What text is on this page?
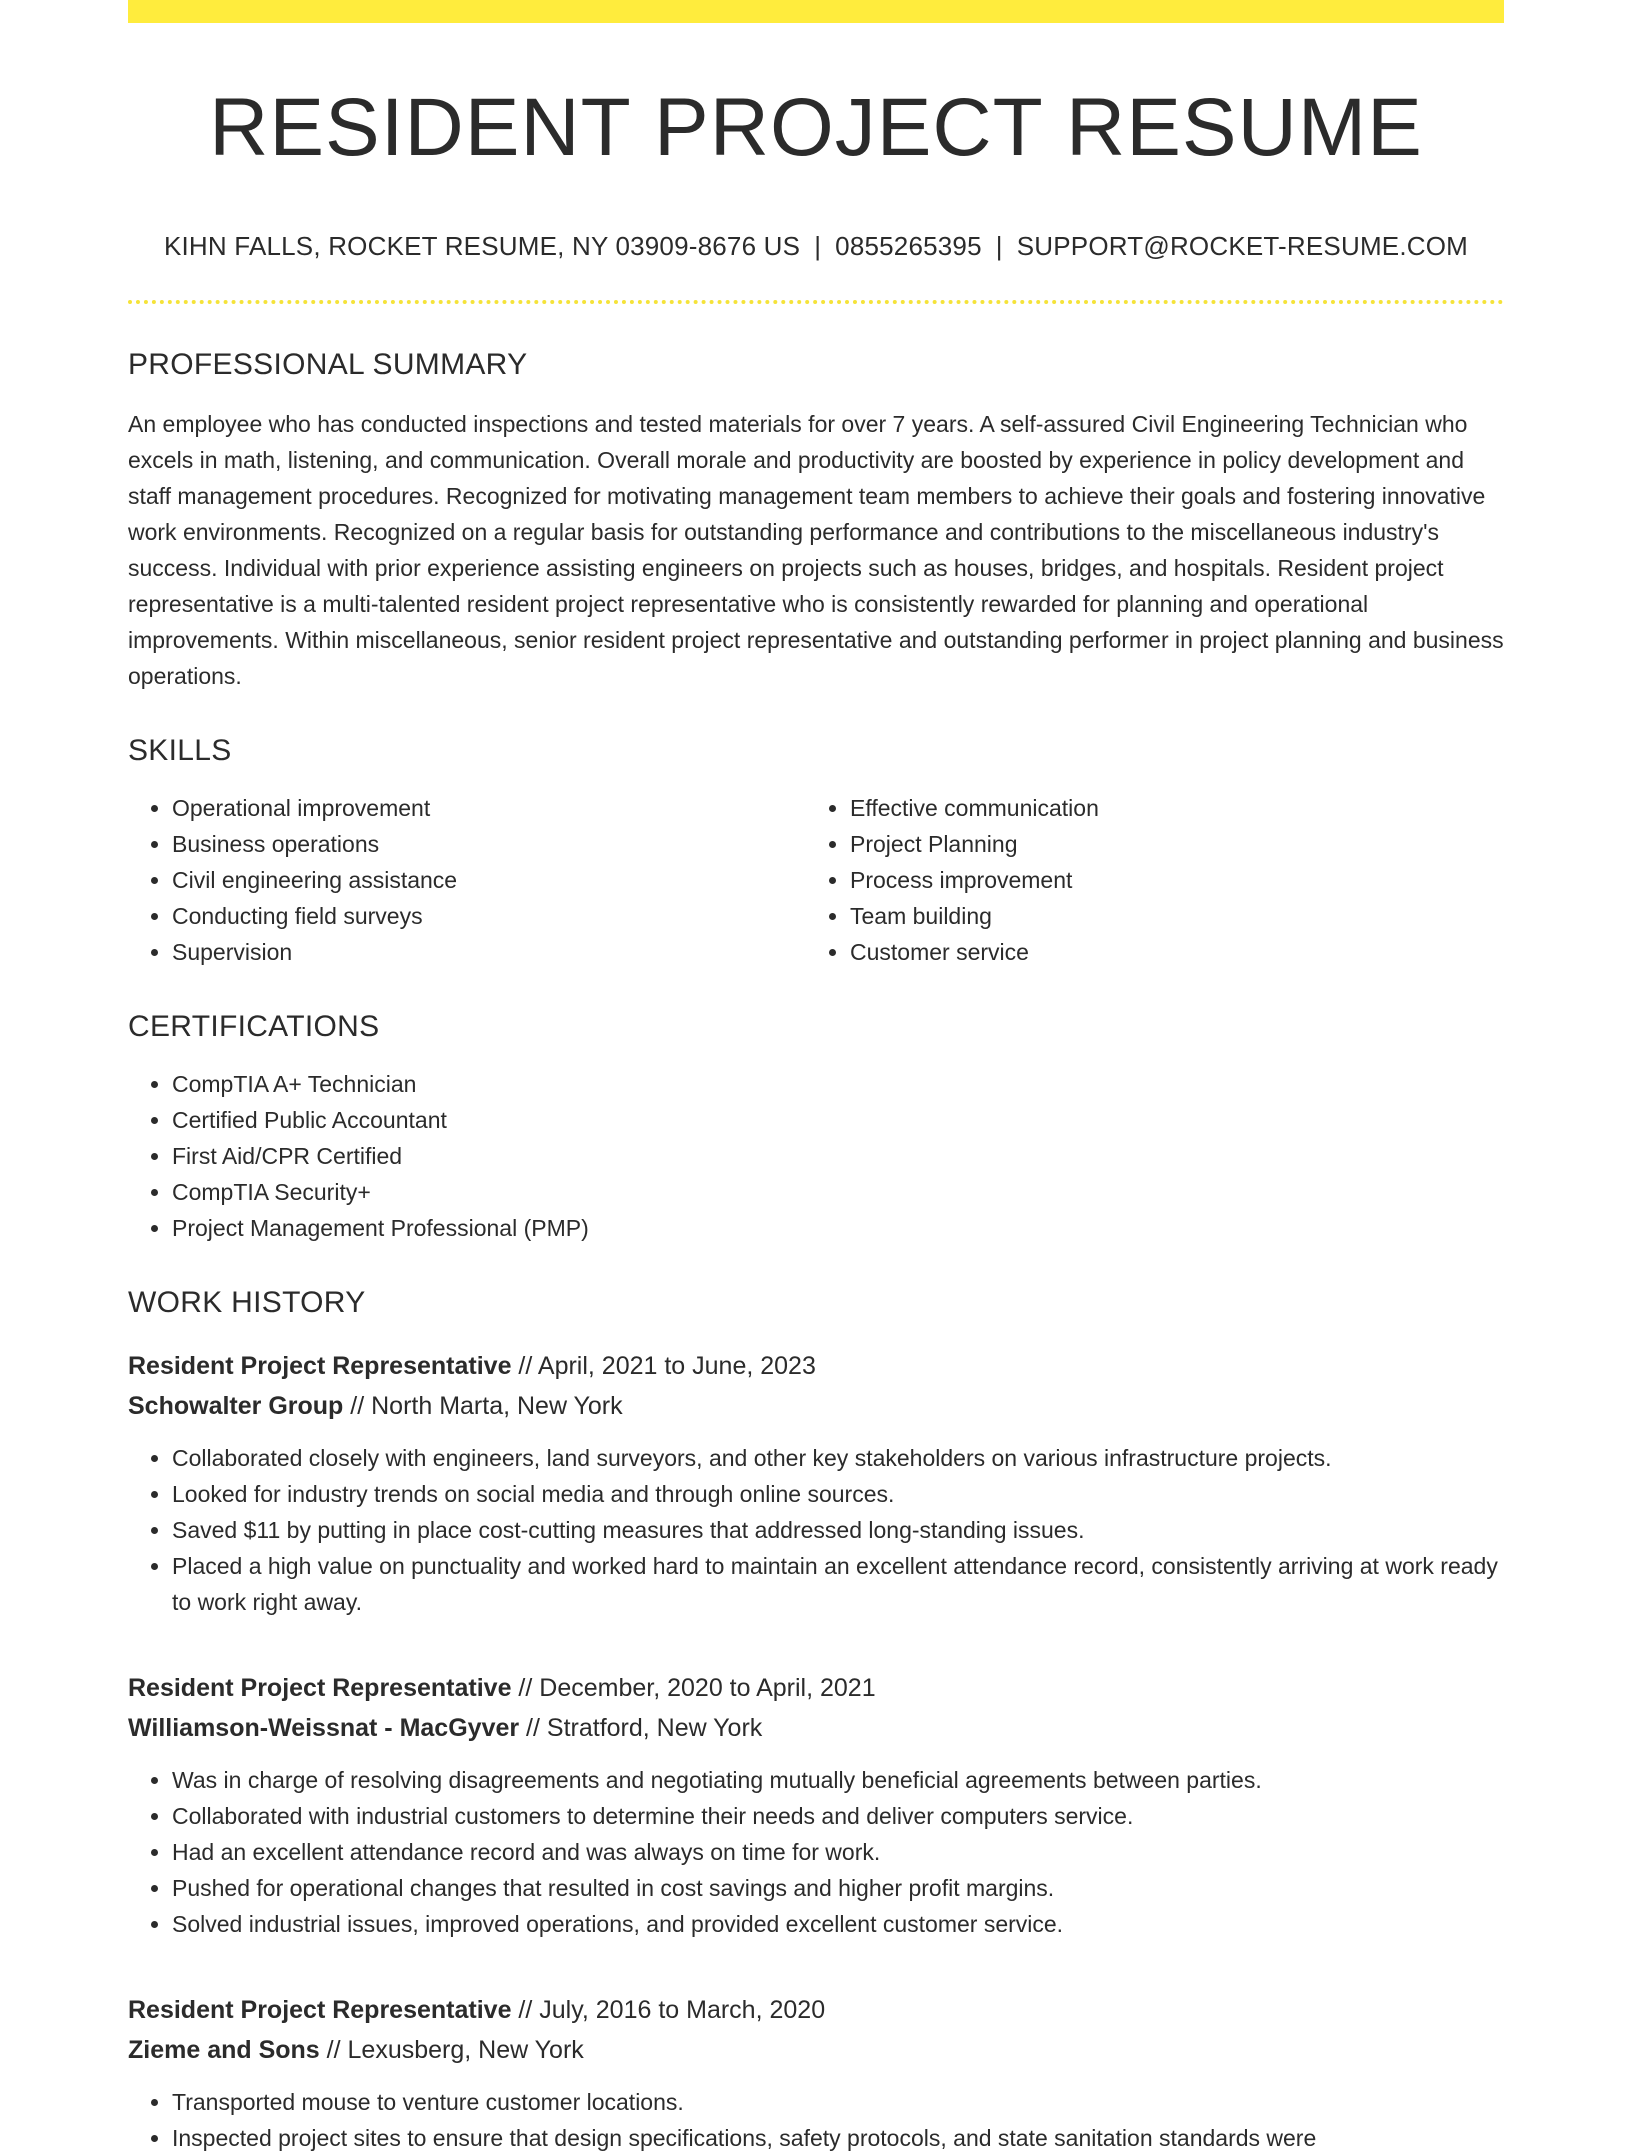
RESIDENT PROJECT RESUME
KIHN FALLS, ROCKET RESUME, NY 03909-8676 US | 0855265395 | SUPPORT@ROCKET-RESUME.COM
PROFESSIONAL SUMMARY

An employee who has conducted inspections and tested materials for over 7 years. A self-assured Civil Engineering Technician who excels in math, listening, and communication. Overall morale and productivity are boosted by experience in policy development and staff management procedures. Recognized for motivating management team members to achieve their goals and fostering innovative work environments. Recognized on a regular basis for outstanding performance and contributions to the miscellaneous industry's success. Individual with prior experience assisting engineers on projects such as houses, bridges, and hospitals. Resident project representative is a multi-talented resident project representative who is consistently rewarded for planning and operational improvements. Within miscellaneous, senior resident project representative and outstanding performer in project planning and business operations.

SKILLS
• Operational improvement
• Business operations
• Civil engineering assistance
• Conducting field surveys
• Supervision
• Effective communication
• Project Planning
• Process improvement
• Team building
• Customer service
CERTIFICATIONS
• CompTIA A+ Technician
• Certified Public Accountant
• First Aid/CPR Certified
• CompTIA Security+
• Project Management Professional (PMP)
WORK HISTORY
Resident Project Representative // April, 2021 to June, 2023
Schowalter Group // North Marta, New York
• Collaborated closely with engineers, land surveyors, and other key stakeholders on various infrastructure projects.
• Looked for industry trends on social media and through online sources.
• Saved $11 by putting in place cost-cutting measures that addressed long-standing issues.
• Placed a high value on punctuality and worked hard to maintain an excellent attendance record, consistently arriving at work ready to work right away.
Resident Project Representative // December, 2020 to April, 2021
Williamson-Weissnat - MacGyver // Stratford, New York
• Was in charge of resolving disagreements and negotiating mutually beneficial agreements between parties.
• Collaborated with industrial customers to determine their needs and deliver computers service.
• Had an excellent attendance record and was always on time for work.
• Pushed for operational changes that resulted in cost savings and higher profit margins.
• Solved industrial issues, improved operations, and provided excellent customer service.
Resident Project Representative // July, 2016 to March, 2020
Zieme and Sons // Lexusberg, New York
• Transported mouse to venture customer locations.
• Inspected project sites to ensure that design specifications, safety protocols, and state sanitation standards were
